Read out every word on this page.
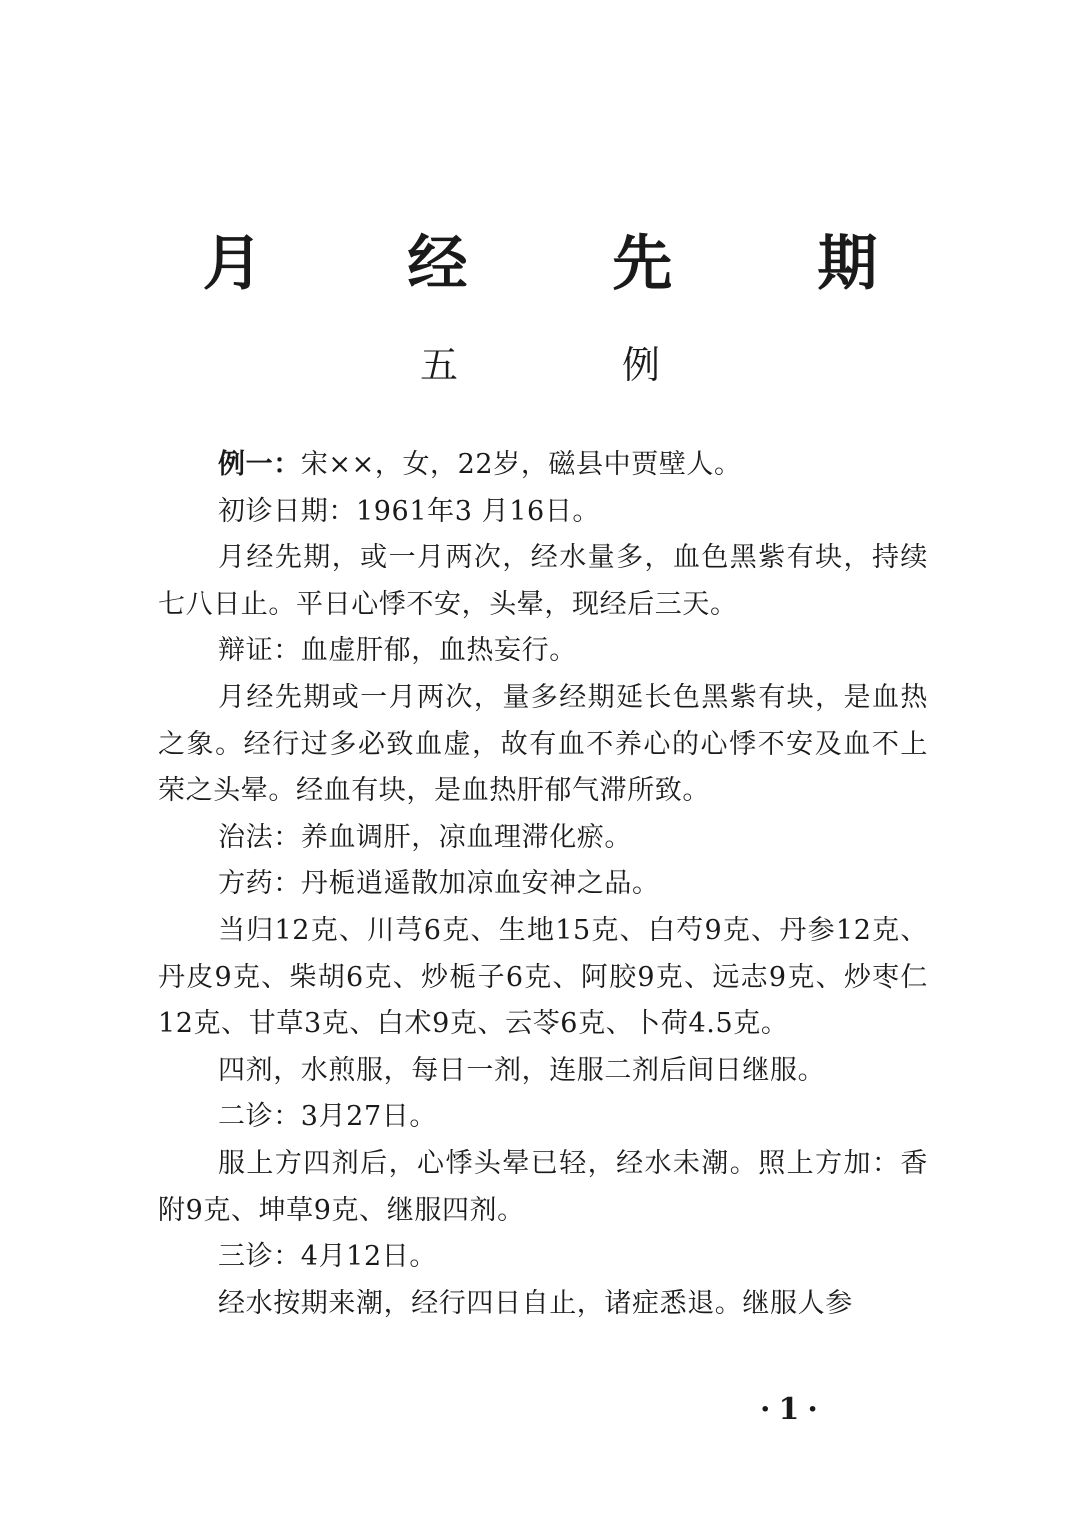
月 经 先 期
五 例

例一：宋××，女，22岁，磁县中贾壁人。

初诊日期：1961年3 月16日。

月经先期，或一月两次，经水量多，血色黑紫有块，持续七八日止。平日心悸不安，头晕，现经后三天。

辩证：血虚肝郁，血热妄行。

月经先期或一月两次，量多经期延长色黑紫有块，是血热之象。经行过多必致血虚，故有血不养心的心悸不安及血不上荣之头晕。经血有块，是血热肝郁气滞所致。

治法：养血调肝，凉血理滞化瘀。

方药：丹栀逍遥散加凉血安神之品。

当归12克、川芎6克、生地15克、白芍9克、丹参12克、丹皮9克、柴胡6克、炒栀子6克、阿胶9克、远志9克、炒枣仁12克、甘草3克、白术9克、云苓6克、卜荷4.5克。

四剂，水煎服，每日一剂，连服二剂后间日继服。

二诊：3月27日。

服上方四剂后，心悸头晕已轻，经水未潮。照上方加：香附9克、坤草9克、继服四剂。

三诊：4月12日。

经水按期来潮，经行四日自止，诸症悉退。继服人参

·1·
